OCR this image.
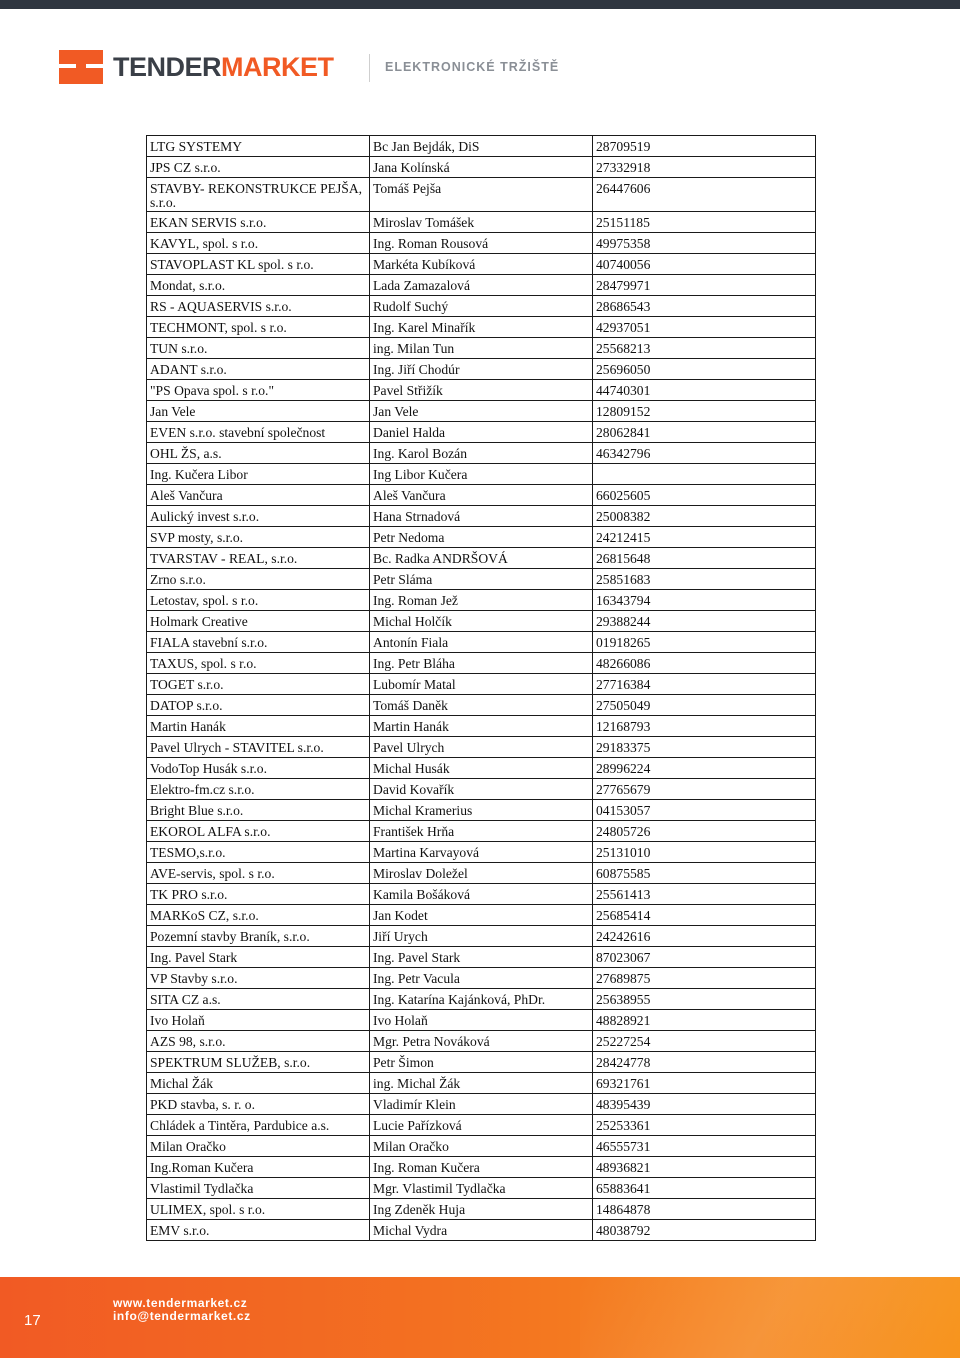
TENDERMARKET	ELEKTRONICKÉ TRŽIŠTĚ
LTG SYSTEMY	Bc Jan Bejdák, DiS	28709519
JPS CZ s.r.o.	Jana Kolínská	27332918
STAVBY- REKONSTRUKCE PEJŠA, s.r.o.	Tomáš Pejša	26447606
EKAN SERVIS s.r.o.	Miroslav Tomášek	25151185
KAVYL, spol. s r.o.	Ing. Roman Rousová	49975358
STAVOPLAST KL spol. s r.o.	Markéta Kubíková	40740056
Mondat, s.r.o.	Lada Zamazalová	28479971
RS - AQUASERVIS s.r.o.	Rudolf Suchý	28686543
TECHMONT, spol. s r.o.	Ing. Karel Minařík	42937051
TUN s.r.o.	ing. Milan Tun	25568213
ADANT s.r.o.	Ing. Jiří Chodúr	25696050
"PS Opava spol. s r.o."	Pavel Střižík	44740301
Jan Vele	Jan Vele	12809152
EVEN s.r.o. stavební společnost	Daniel Halda	28062841
OHL ŽS, a.s.	Ing. Karol Bozán	46342796
Ing. Kučera Libor	Ing Libor Kučera	
Aleš Vančura	Aleš Vančura	66025605
Aulický invest s.r.o.	Hana Strnadová	25008382
SVP mosty, s.r.o.	Petr Nedoma	24212415
TVARSTAV - REAL, s.r.o.	Bc. Radka ANDRŠOVÁ	26815648
Zrno s.r.o.	Petr Sláma	25851683
Letostav, spol. s r.o.	Ing. Roman Jež	16343794
Holmark Creative	Michal Holčík	29388244
FIALA stavební s.r.o.	Antonín Fiala	01918265
TAXUS, spol. s r.o.	Ing. Petr Bláha	48266086
TOGET s.r.o.	Lubomír Matal	27716384
DATOP s.r.o.	Tomáš Daněk	27505049
Martin Hanák	Martin Hanák	12168793
Pavel Ulrych - STAVITEL s.r.o.	Pavel Ulrych	29183375
VodoTop Husák s.r.o.	Michal Husák	28996224
Elektro-fm.cz s.r.o.	David Kovařík	27765679
Bright Blue s.r.o.	Michal Kramerius	04153057
EKOROL ALFA s.r.o.	František Hrňa	24805726
TESMO,s.r.o.	Martina Karvayová	25131010
AVE-servis, spol. s r.o.	Miroslav Doležel	60875585
TK PRO s.r.o.	Kamila Bošáková	25561413
MARKoS CZ, s.r.o.	Jan Kodet	25685414
Pozemní stavby Braník, s.r.o.	Jiří Urych	24242616
Ing. Pavel Stark	Ing. Pavel Stark	87023067
VP Stavby s.r.o.	Ing. Petr Vacula	27689875
SITA CZ a.s.	Ing. Katarína Kajánková, PhDr.	25638955
Ivo Holaň	Ivo Holaň	48828921
AZS 98, s.r.o.	Mgr. Petra Nováková	25227254
SPEKTRUM SLUŽEB, s.r.o.	Petr Šimon	28424778
Michal Žák	ing. Michal Žák	69321761
PKD stavba, s. r. o.	Vladimír Klein	48395439
Chládek a Tintěra, Pardubice a.s.	Lucie Pařízková	25253361
Milan Oračko	Milan Oračko	46555731
Ing.Roman Kučera	Ing. Roman Kučera	48936821
Vlastimil Tydlačka	Mgr. Vlastimil Tydlačka	65883641
ULIMEX, spol. s r.o.	Ing Zdeněk Huja	14864878
EMV s.r.o.	Michal Vydra	48038792
17
www.tendermarket.cz
info@tendermarket.cz
